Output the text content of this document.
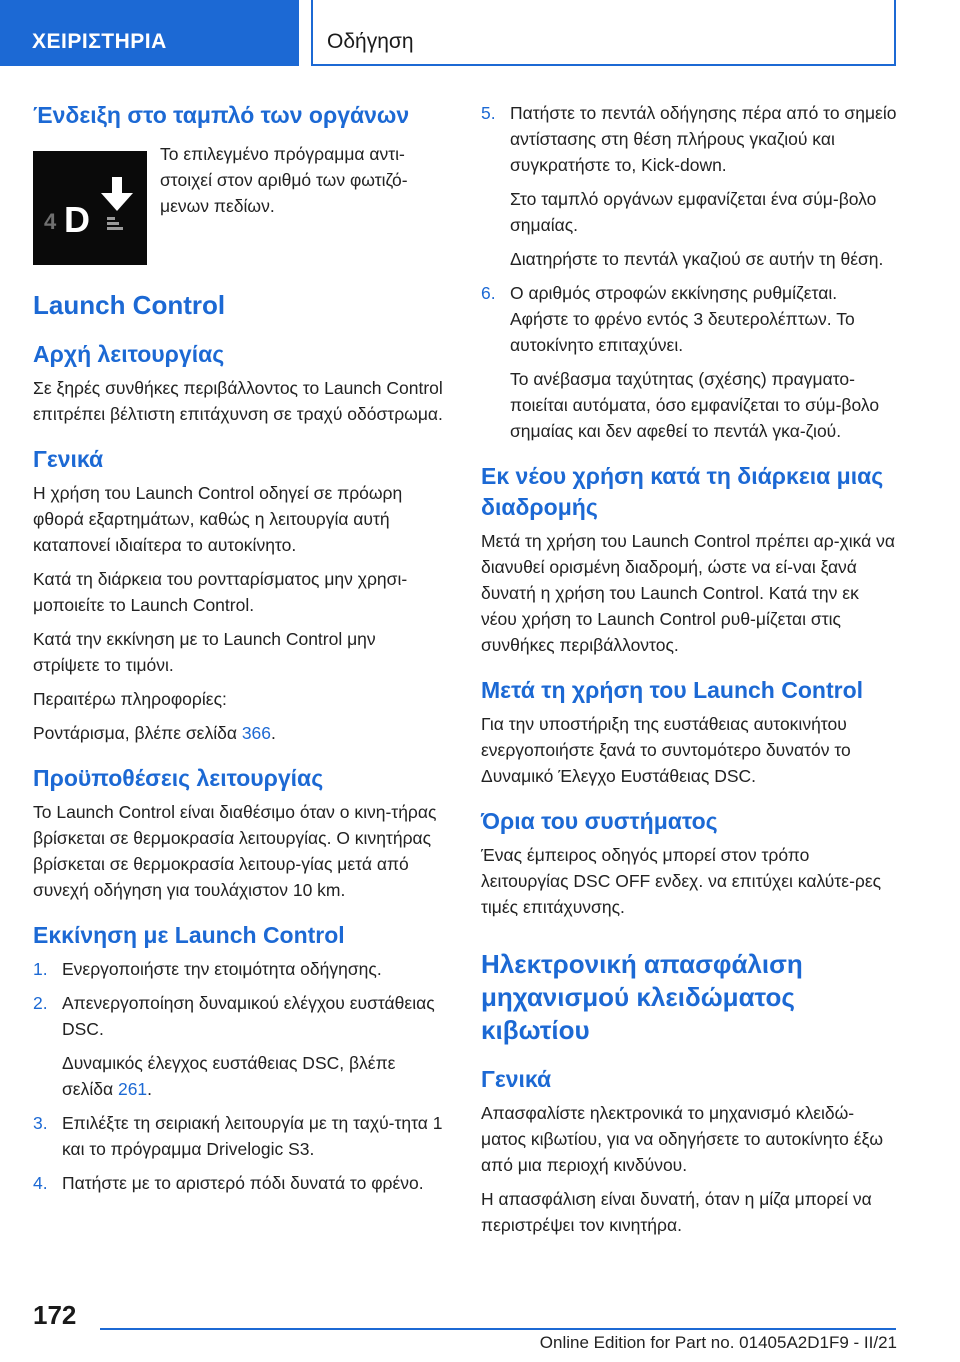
ΧΕΙΡΙΣΤΗΡΙΑ	Οδήγηση
Ένδειξη στο ταμπλό των οργάνων
4 D
Το επιλεγμένο πρόγραμμα αντι-στοιχεί στον αριθμό των φωτιζό-μενων πεδίων.
Launch Control
Αρχή λειτουργίας
Σε ξηρές συνθήκες περιβάλλοντος το Launch Control επιτρέπει βέλτιστη επιτάχυνση σε τραχύ οδόστρωμα.
Γενικά
Η χρήση του Launch Control οδηγεί σε πρόωρη φθορά εξαρτημάτων, καθώς η λειτουργία αυτή καταπονεί ιδιαίτερα το αυτοκίνητο.
Κατά τη διάρκεια του ροντταρίσματος μην χρησι-μοποιείτε το Launch Control.
Κατά την εκκίνηση με το Launch Control μην στρίψετε το τιμόνι.
Περαιτέρω πληροφορίες:
Ροντάρισμα, βλέπε σελίδα 366.
Προϋποθέσεις λειτουργίας
Το Launch Control είναι διαθέσιμο όταν ο κινη-τήρας βρίσκεται σε θερμοκρασία λειτουργίας. Ο κινητήρας βρίσκεται σε θερμοκρασία λειτουρ-γίας μετά από συνεχή οδήγηση για τουλάχιστον 10 km.
Εκκίνηση με Launch Control
1. Ενεργοποιήστε την ετοιμότητα οδήγησης.
2. Απενεργοποίηση δυναμικού ελέγχου ευστάθειας DSC.
Δυναμικός έλεγχος ευστάθειας DSC, βλέπε σελίδα 261.
3. Επιλέξτε τη σειριακή λειτουργία με τη ταχύ-τητα 1 και το πρόγραμμα Drivelogic S3.
4. Πατήστε με το αριστερό πόδι δυνατά το φρένο.
5. Πατήστε το πεντάλ οδήγησης πέρα από το σημείο αντίστασης στη θέση πλήρους γκαζιού και συγκρατήστε το, Kick-down.
Στο ταμπλό οργάνων εμφανίζεται ένα σύμ-βολο σημαίας.
Διατηρήστε το πεντάλ γκαζιού σε αυτήν τη θέση.
6. Ο αριθμός στροφών εκκίνησης ρυθμίζεται. Αφήστε το φρένο εντός 3 δευτερολέπτων. Το αυτοκίνητο επιταχύνει.
Το ανέβασμα ταχύτητας (σχέσης) πραγματο-ποιείται αυτόματα, όσο εμφανίζεται το σύμ-βολο σημαίας και δεν αφεθεί το πεντάλ γκα-ζιού.
Εκ νέου χρήση κατά τη διάρκεια μιας διαδρομής
Μετά τη χρήση του Launch Control πρέπει αρ-χικά να διανυθεί ορισμένη διαδρομή, ώστε να εί-ναι ξανά δυνατή η χρήση του Launch Control. Κατά την εκ νέου χρήση το Launch Control ρυθ-μίζεται στις συνθήκες περιβάλλοντος.
Μετά τη χρήση του Launch Control
Για την υποστήριξη της ευστάθειας αυτοκινήτου ενεργοποιήστε ξανά το συντομότερο δυνατόν το Δυναμικό Έλεγχο Ευστάθειας DSC.
Όρια του συστήματος
Ένας έμπειρος οδηγός μπορεί στον τρόπο λειτουργίας DSC OFF ενδεχ. να επιτύχει καλύτε-ρες τιμές επιτάχυνσης.
Ηλεκτρονική απασφάλιση μηχανισμού κλειδώματος κιβωτίου
Γενικά
Απασφαλίστε ηλεκτρονικά το μηχανισμό κλειδώ-ματος κιβωτίου, για να οδηγήσετε το αυτοκίνητο έξω από μια περιοχή κινδύνου.
Η απασφάλιση είναι δυνατή, όταν η μίζα μπορεί να περιστρέψει τον κινητήρα.
172
Online Edition for Part no. 01405A2D1F9 - II/21
